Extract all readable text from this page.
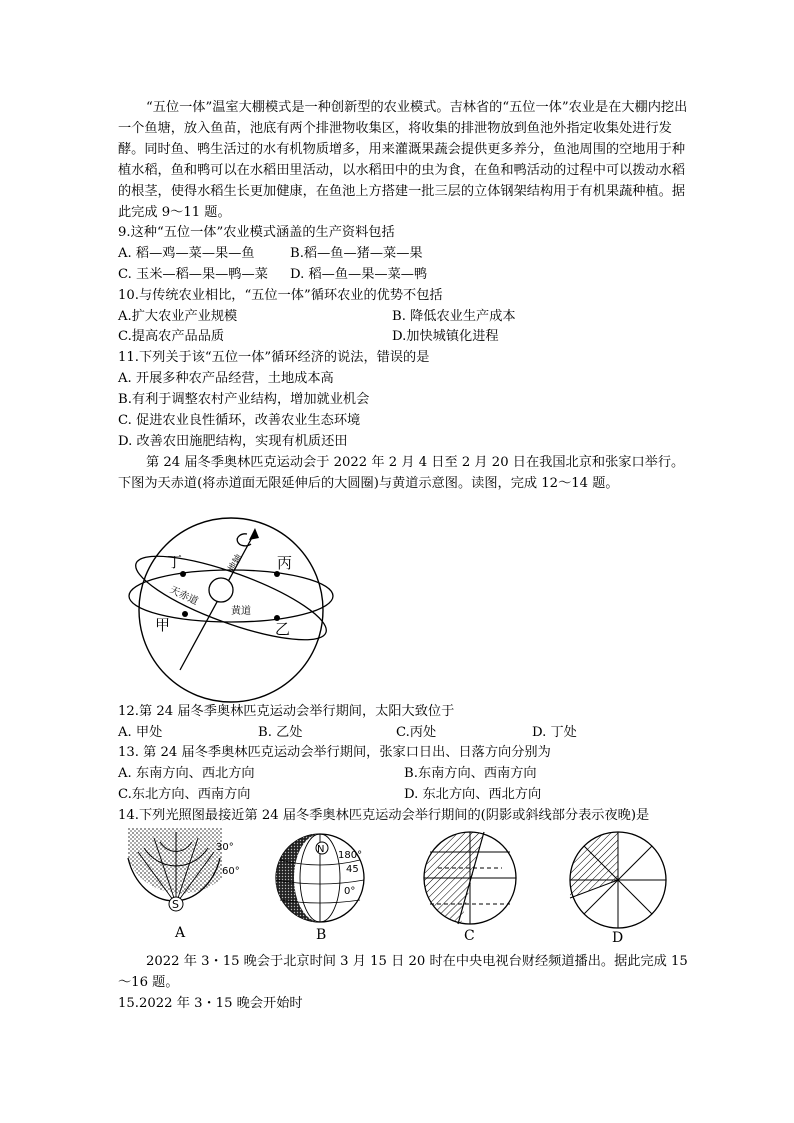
“五位一体”温室大棚模式是一种创新型的农业模式。吉林省的“五位一体”农业是在大棚内挖出一个鱼塘，放入鱼苗，池底有两个排泄物收集区，将收集的排泄物放到鱼池外指定收集处进行发酵。同时鱼、鸭生活过的水有机物质增多，用来灌溉果蔬会提供更多养分，鱼池周围的空地用于种植水稻，鱼和鸭可以在水稻田里活动，以水稻田中的虫为食，在鱼和鸭活动的过程中可以拨动水稻的根茎，使得水稻生长更加健康，在鱼池上方搭建一批三层的立体钢架结构用于有机果蔬种植。据此完成 9～11 题。

9.这种“五位一体”农业模式涵盖的生产资料包括

A. 稻—鸡—菜—果—鱼	B.稻—鱼—猪—菜—果
C. 玉米—稻—果—鸭—菜 D. 稻—鱼—果—菜—鸭

10.与传统农业相比，“五位一体”循环农业的优势不包括

A.扩大农业产业规模	B. 降低农业生产成本
C.提高农产品品质	D.加快城镇化进程

11.下列关于该“五位一体”循环经济的说法，错误的是

A. 开展多种农产品经营，土地成本高
B.有利于调整农村产业结构，增加就业机会
C. 促进农业良性循环，改善农业生态环境
D. 改善农田施肥结构，实现有机质还田

第 24 届冬季奥林匹克运动会于 2022 年 2 月 4 日至 2 月 20 日在我国北京和张家口举行。下图为天赤道(将赤道面无限延伸后的大圆圈)与黄道示意图。读图，完成 12～14 题。

丁	丙
甲	乙
天赤道
黄道
地轴

12.第 24 届冬季奥林匹克运动会举行期间，太阳大致位于

A. 甲处	B. 乙处	C.丙处	D. 丁处

13. 第 24 届冬季奥林匹克运动会举行期间，张家口日出、日落方向分别为

A. 东南方向、西北方向	B.东南方向、西南方向
C.东北方向、西南方向	D. 东北方向、西北方向

14.下列光照图最接近第 24 届冬季奥林匹克运动会举行期间的(阴影或斜线部分表示夜晚)是

S
30°
60°
A
N
180°
45
0°
B	C	D

2022 年 3・15 晚会于北京时间 3 月 15 日 20 时在中央电视台财经频道播出。据此完成 15～16 题。

15.2022 年 3・15 晚会开始时
